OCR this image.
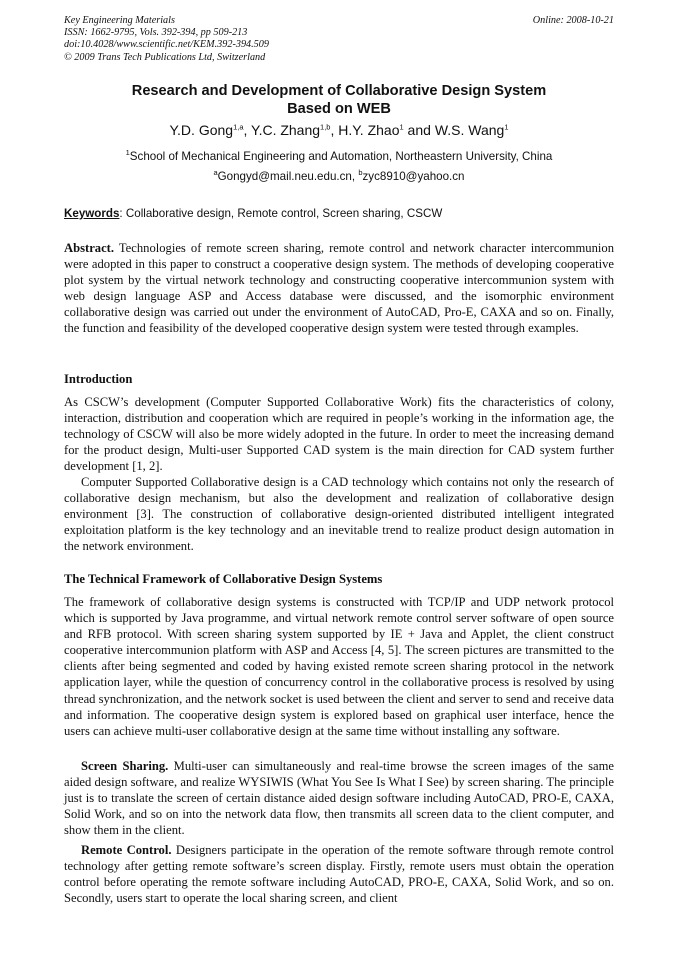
Key Engineering Materials
ISSN: 1662-9795, Vols. 392-394, pp 509-213
doi:10.4028/www.scientific.net/KEM.392-394.509
© 2009 Trans Tech Publications Ltd, Switzerland
Online: 2008-10-21
Research and Development of Collaborative Design System
Based on WEB
Y.D. Gong$^{1,a}$, Y.C. Zhang$^{1,b}$, H.Y. Zhao$^1$ and W.S. Wang$^1$
$^1$School of Mechanical Engineering and Automation, Northeastern University, China
$^a$Gongyd@mail.neu.edu.cn, $^b$zyc8910@yahoo.cn
Keywords: Collaborative design, Remote control, Screen sharing, CSCW

Abstract. Technologies of remote screen sharing, remote control and network character intercommunion were adopted in this paper to construct a cooperative design system. The methods of developing cooperative plot system by the virtual network technology and constructing cooperative intercommunion system with web design language ASP and Access database were discussed, and the isomorphic environment collaborative design was carried out under the environment of AutoCAD, Pro-E, CAXA and so on. Finally, the function and feasibility of the developed cooperative design system were tested through examples.

Introduction

As CSCW’s development (Computer Supported Collaborative Work) fits the characteristics of colony, interaction, distribution and cooperation which are required in people’s working in the information age, the technology of CSCW will also be more widely adopted in the future. In order to meet the increasing demand for the product design, Multi-user Supported CAD system is the main direction for CAD system further development [1, 2].

Computer Supported Collaborative design is a CAD technology which contains not only the research of collaborative design mechanism, but also the development and realization of collaborative design environment [3]. The construction of collaborative design-oriented distributed intelligent integrated exploitation platform is the key technology and an inevitable trend to realize product design automation in the network environment.

The Technical Framework of Collaborative Design Systems

The framework of collaborative design systems is constructed with TCP/IP and UDP network protocol which is supported by Java programme, and virtual network remote control server software of open source and RFB protocol. With screen sharing system supported by IE + Java and Applet, the client construct cooperative intercommunion platform with ASP and Access [4, 5]. The screen pictures are transmitted to the clients after being segmented and coded by having existed remote screen sharing protocol in the network application layer, while the question of concurrency control in the collaborative process is resolved by using thread synchronization, and the network socket is used between the client and server to send and receive data and information. The cooperative design system is explored based on graphical user interface, hence the users can achieve multi-user collaborative design at the same time without installing any software.

Screen Sharing. Multi-user can simultaneously and real-time browse the screen images of the same aided design software, and realize WYSIWIS (What You See Is What I See) by screen sharing. The principle just is to translate the screen of certain distance aided design software including AutoCAD, PRO-E, CAXA, Solid Work, and so on into the network data flow, then transmits all screen data to the client computer, and show them in the client.

Remote Control. Designers participate in the operation of the remote software through remote control technology after getting remote software’s screen display. Firstly, remote users must obtain the operation control before operating the remote software including AutoCAD, PRO-E, CAXA, Solid Work, and so on. Secondly, users start to operate the local sharing screen, and client
